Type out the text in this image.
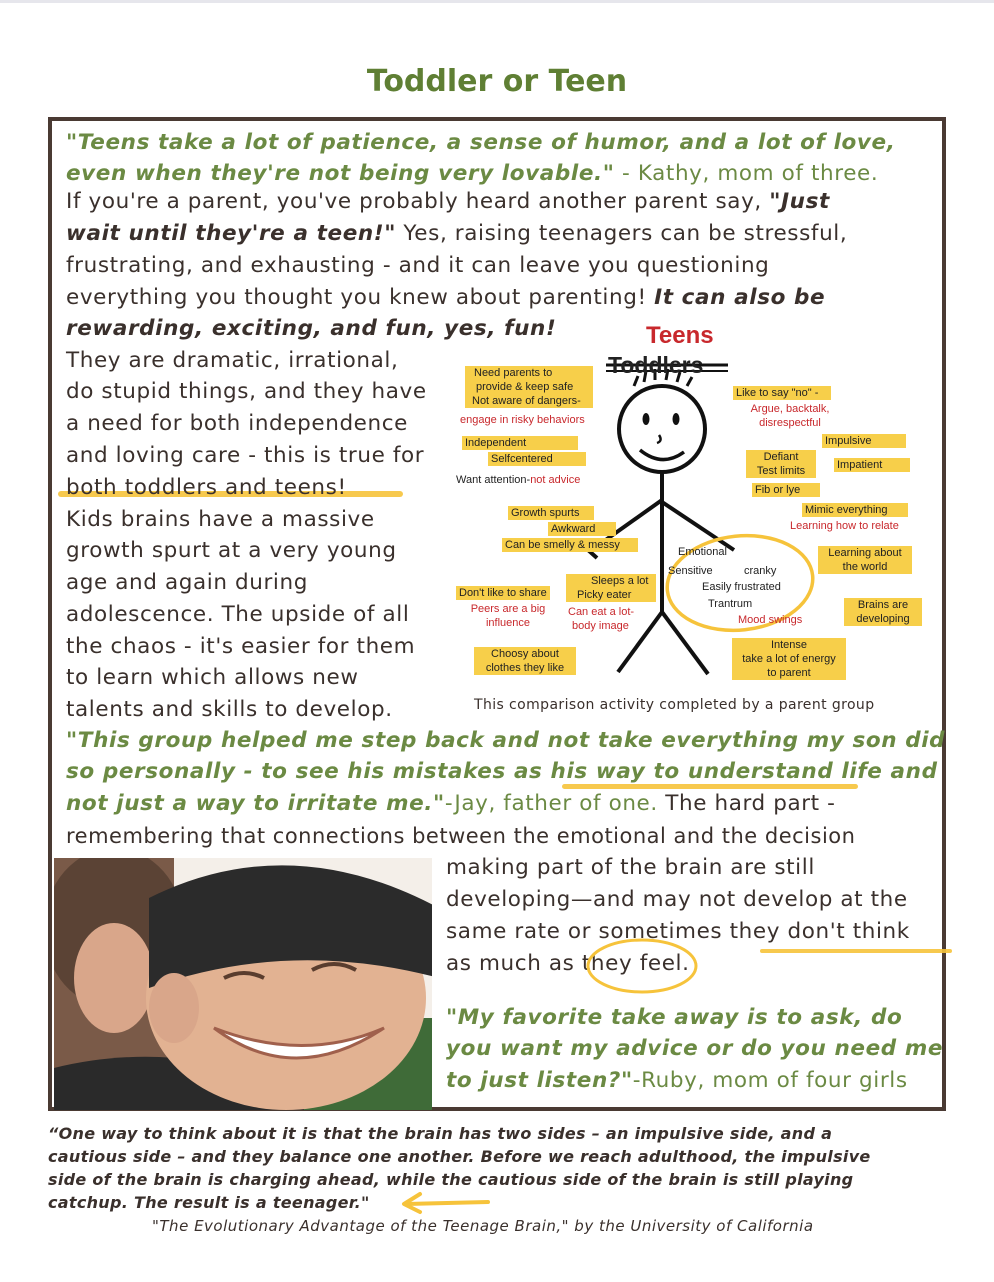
Toddler or Teen
"Teens take a lot of patience, a sense of humor, and a lot of love,
even when they're not being very lovable." - Kathy, mom of three.
If you're a parent, you've probably heard another parent say, "Just
wait until they're a teen!" Yes, raising teenagers can be stressful,
frustrating, and exhausting - and it can leave you questioning
everything you thought you knew about parenting! It can also be
rewarding, exciting, and fun, yes, fun!
They are dramatic, irrational,
do stupid things, and they have
a need for both independence
and loving care - this is true for
both toddlers and teens!
Kids brains have a massive
growth spurt at a very young
age and again during
adolescence. The upside of all
the chaos - it's easier for them
to learn which allows new
talents and skills to develop.
Teens
Toddlers
Need parents to
provide & keep safe
Not aware of dangers-
engage in risky behaviors
Independent
Selfcentered
Want attention-not advice
Growth spurts
Awkward
Can be smelly & messy
Don't like to share
Peers are a big
influence
Sleeps a lot
Picky eater
Can eat a lot-
body image
Choosy about
clothes they like
Like to say "no" -
Argue, backtalk,
disrespectful
Impulsive
Defiant
Test limits	Impatient
Fib or lye
Mimic everything
Learning how to relate
Emotional
Sensitive	cranky
Easily frustrated
Trantrum
Mood swings
Learning about
the world
Brains are
developing
Intense
take a lot of energy
to parent
This comparison activity completed by a parent group
"This group helped me step back and not take everything my son did
so personally - to see his mistakes as his way to understand life and
not just a way to irritate me."-Jay, father of one. The hard part -
remembering that connections between the emotional and the decision
making part of the brain are still
developing—and may not develop at the
same rate or sometimes they don't think
as much as they feel.
"My favorite take away is to ask, do
you want my advice or do you need me
to just listen?"-Ruby, mom of four girls
“One way to think about it is that the brain has two sides – an impulsive side, and a
cautious side – and they balance one another. Before we reach adulthood, the impulsive
side of the brain is charging ahead, while the cautious side of the brain is still playing
catchup. The result is a teenager."
"The Evolutionary Advantage of the Teenage Brain," by the University of California
